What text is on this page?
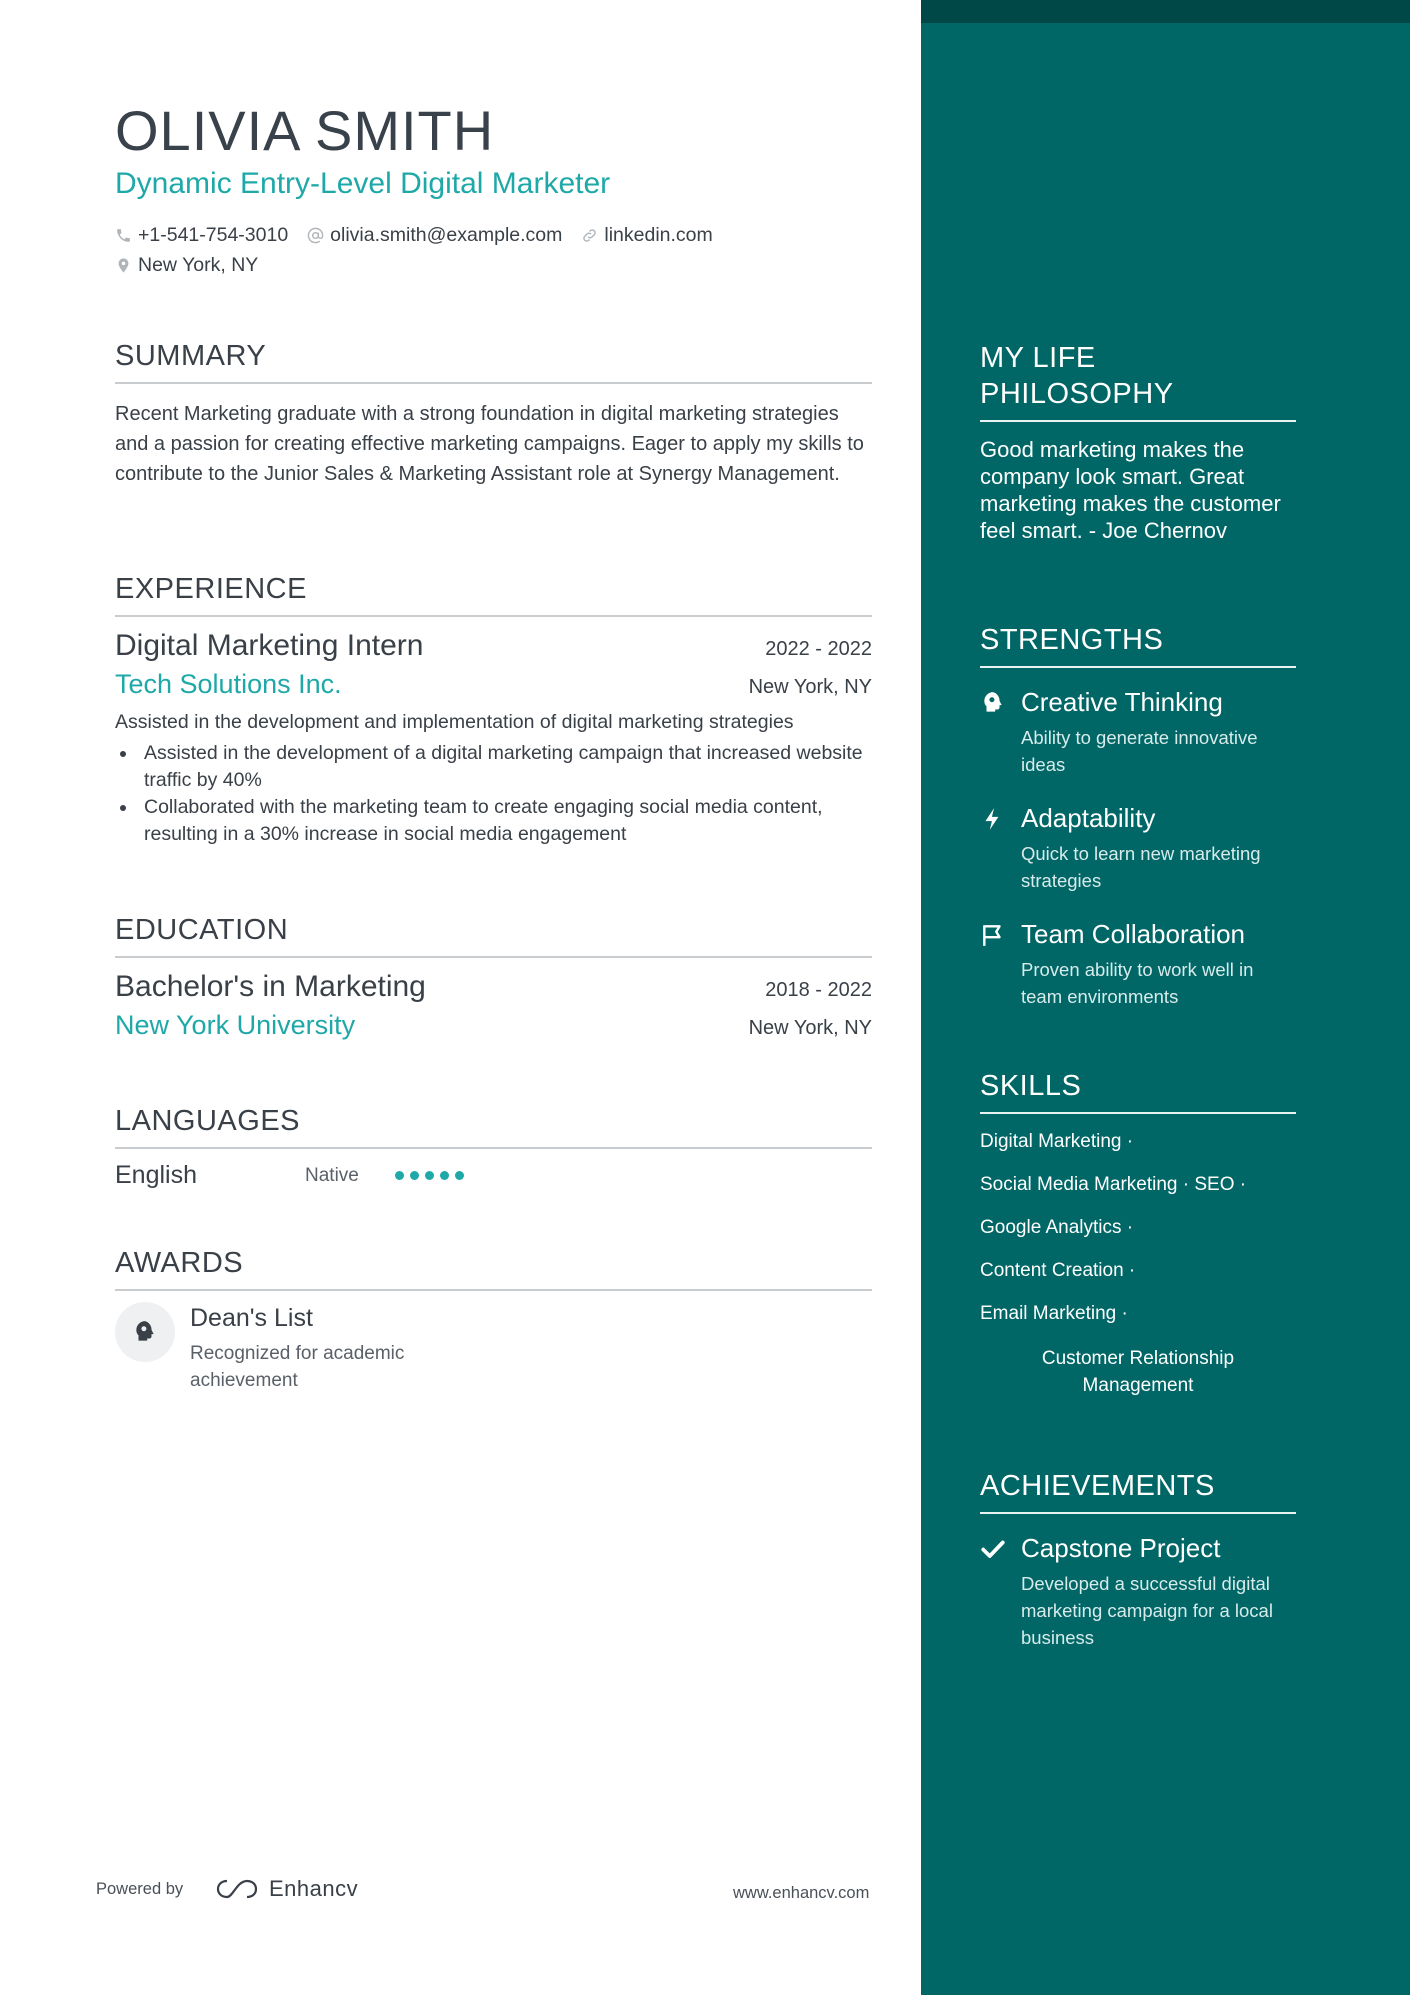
OLIVIA SMITH
Dynamic Entry-Level Digital Marketer
+1-541-754-3010 olivia.smith@example.com linkedin.com
New York, NY
SUMMARY
Recent Marketing graduate with a strong foundation in digital marketing strategies and a passion for creating effective marketing campaigns. Eager to apply my skills to contribute to the Junior Sales & Marketing Assistant role at Synergy Management.
EXPERIENCE
Digital Marketing Intern	2022 - 2022
Tech Solutions Inc.	New York, NY
Assisted in the development and implementation of digital marketing strategies
Assisted in the development of a digital marketing campaign that increased website traffic by 40%
Collaborated with the marketing team to create engaging social media content, resulting in a 30% increase in social media engagement
EDUCATION
Bachelor's in Marketing	2018 - 2022
New York University	New York, NY
LANGUAGES
English	Native
AWARDS
Dean's List
Recognized for academic achievement
Powered by	Enhancv	www.enhancv.com
MY LIFE PHILOSOPHY
Good marketing makes the company look smart. Great marketing makes the customer feel smart. - Joe Chernov
STRENGTHS
Creative Thinking
Ability to generate innovative ideas
Adaptability
Quick to learn new marketing strategies
Team Collaboration
Proven ability to work well in team environments
SKILLS
Digital Marketing ·
Social Media Marketing · SEO ·
Google Analytics ·
Content Creation ·
Email Marketing ·
Customer Relationship Management
ACHIEVEMENTS
Capstone Project
Developed a successful digital marketing campaign for a local business
